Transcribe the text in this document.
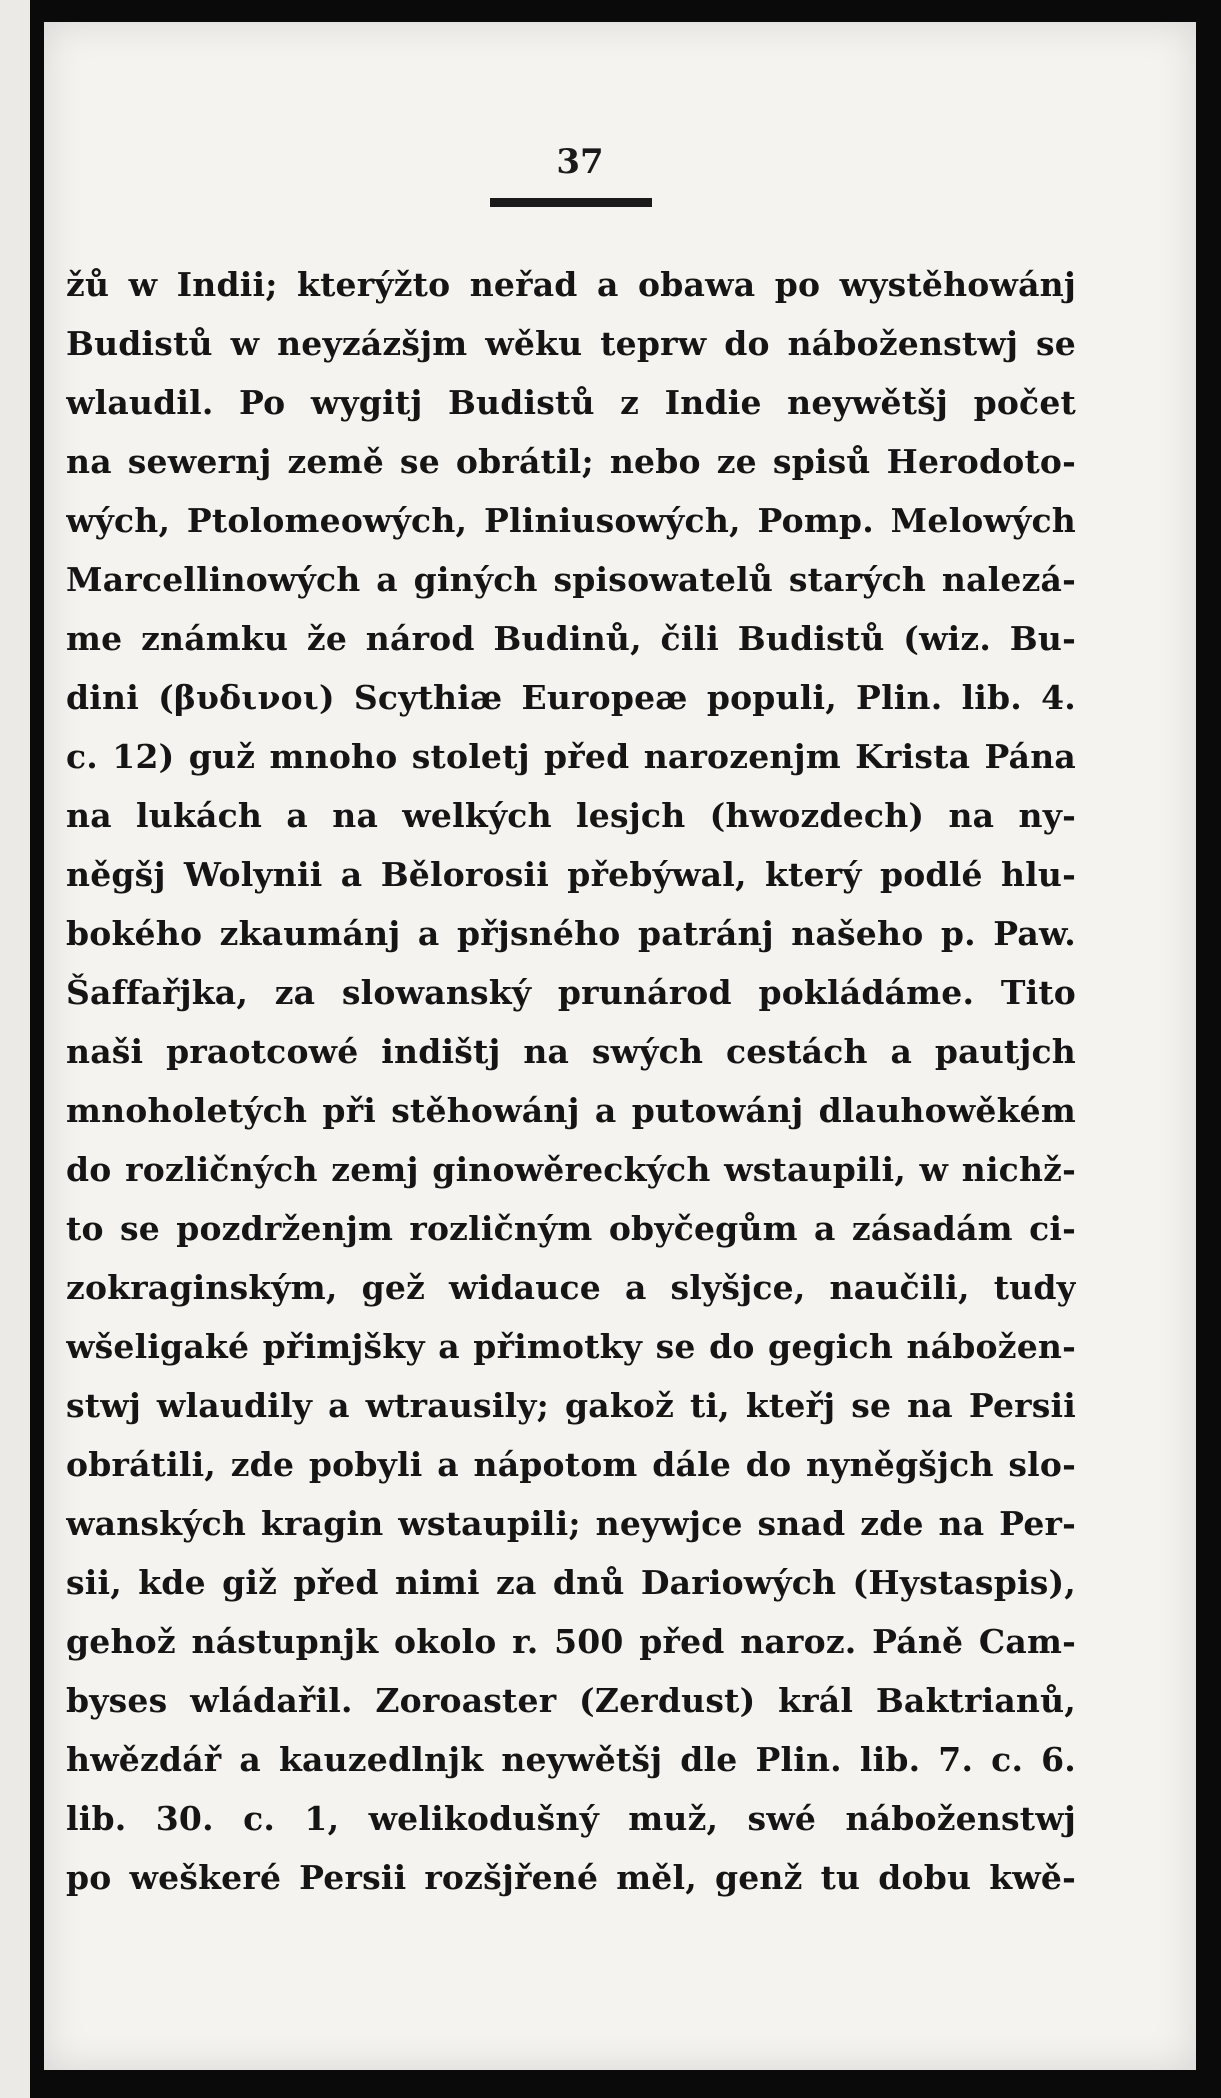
37
žů w Indii; kterýžto neřad a obawa po wystěhowánj
Budistů w neyzázšjm wěku teprw do náboženstwj se
wlaudil. Po wygitj Budistů z Indie neywětšj počet
na sewernj země se obrátil; nebo ze spisů Herodoto-
wých, Ptolomeowých, Pliniusowých, Pomp. Melowých
Marcellinowých a giných spisowatelů starých nalezá-
me známku že národ Budinů, čili Budistů (wiz. Bu-
dini (βυδινοι) Scythiæ Europeæ populi, Plin. lib. 4.
c. 12) guž mnoho stoletj před narozenjm Krista Pána
na lukách a na welkých lesjch (hwozdech) na ny-
něgšj Wolynii a Bělorosii přebýwal, který podlé hlu-
bokého zkaumánj a přjsného patránj našeho p. Paw.
Šaffařjka, za slowanský prunárod pokládáme. Tito
naši praotcowé indištj na swých cestách a pautjch
mnoholetých při stěhowánj a putowánj dlauhowěkém
do rozličných zemj ginowěreckých wstaupili, w nichž-
to se pozdrženjm rozličným obyčegům a zásadám ci-
zokraginským, gež widauce a slyšjce, naučili, tudy
wšeligaké přimjšky a přimotky se do gegich nábožen-
stwj wlaudily a wtrausily; gakož ti, kteřj se na Persii
obrátili, zde pobyli a nápotom dále do nyněgšjch slo-
wanských kragin wstaupili; neywjce snad zde na Per-
sii, kde giž před nimi za dnů Dariowých (Hystaspis),
gehož nástupnjk okolo r. 500 před naroz. Páně Cam-
byses wládařil. Zoroaster (Zerdust) král Baktrianů,
hwězdář a kauzedlnjk neywětšj dle Plin. lib. 7. c. 6.
lib. 30. c. 1, welikodušný muž, swé náboženstwj
po weškeré Persii rozšjřené měl, genž tu dobu kwě-
